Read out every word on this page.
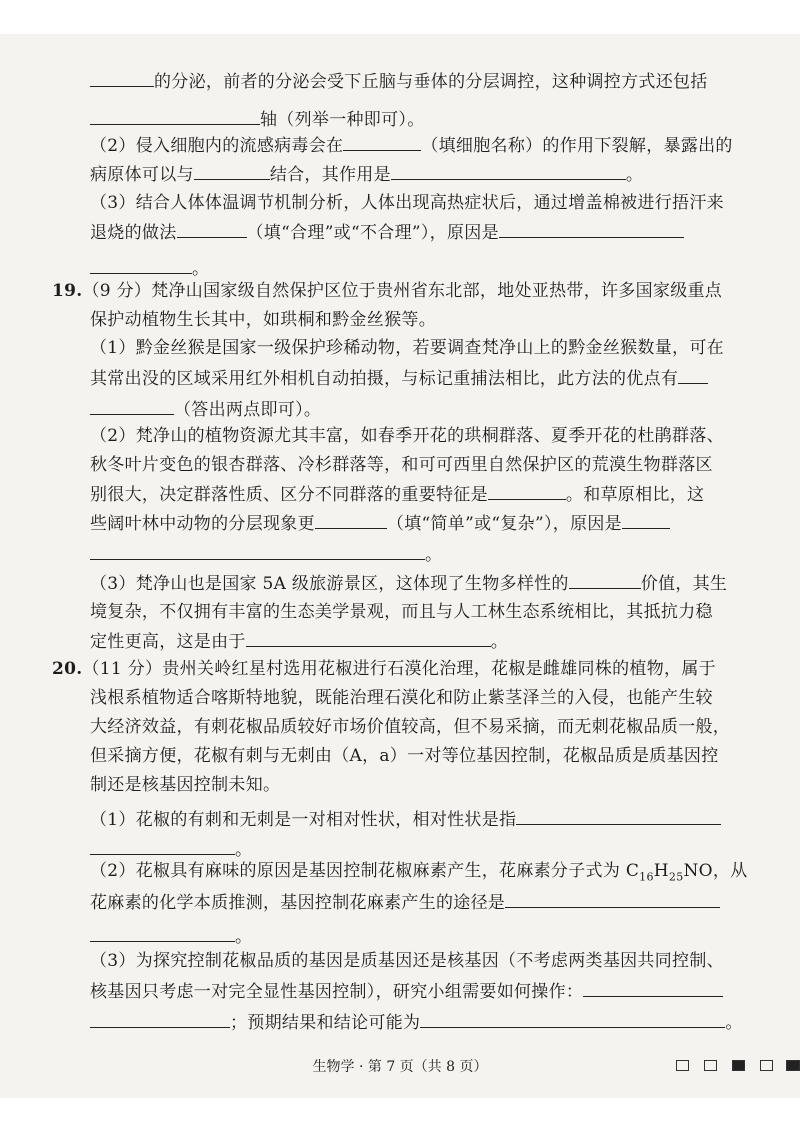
的分泌，前者的分泌会受下丘脑与垂体的分层调控，这种调控方式还包括
轴（列举一种即可）。
（2）侵入细胞内的流感病毒会在	（填细胞名称）的作用下裂解，暴露出的
病原体可以与	结合，其作用是	。
（3）结合人体体温调节机制分析，人体出现高热症状后，通过增盖棉被进行捂汗来
退烧的做法	（填“合理”或“不合理”），原因是
。
19.（9 分）梵净山国家级自然保护区位于贵州省东北部，地处亚热带，许多国家级重点
保护动植物生长其中，如珙桐和黔金丝猴等。
（1）黔金丝猴是国家一级保护珍稀动物，若要调查梵净山上的黔金丝猴数量，可在
其常出没的区域采用红外相机自动拍摄，与标记重捕法相比，此方法的优点有
（答出两点即可）。
（2）梵净山的植物资源尤其丰富，如春季开花的珙桐群落、夏季开花的杜鹃群落、
秋冬叶片变色的银杏群落、冷杉群落等，和可可西里自然保护区的荒漠生物群落区
别很大，决定群落性质、区分不同群落的重要特征是	。和草原相比，这
些阔叶林中动物的分层现象更	（填“简单”或“复杂”），原因是
。
（3）梵净山也是国家 5A 级旅游景区，这体现了生物多样性的	价值，其生
境复杂，不仅拥有丰富的生态美学景观，而且与人工林生态系统相比，其抵抗力稳
定性更高，这是由于	。
20.（11 分）贵州关岭红星村选用花椒进行石漠化治理，花椒是雌雄同株的植物，属于
浅根系植物适合喀斯特地貌，既能治理石漠化和防止紫茎泽兰的入侵，也能产生较
大经济效益，有刺花椒品质较好市场价值较高，但不易采摘，而无刺花椒品质一般，
但采摘方便，花椒有刺与无刺由（A，a）一对等位基因控制，花椒品质是质基因控
制还是核基因控制未知。
（1）花椒的有刺和无刺是一对相对性状，相对性状是指
。
（2）花椒具有麻味的原因是基因控制花椒麻素产生，花麻素分子式为 $C_{16}H_{25}NO$，从
花麻素的化学本质推测，基因控制花麻素产生的途径是
。
（3）为探究控制花椒品质的基因是质基因还是核基因（不考虑两类基因共同控制、
核基因只考虑一对完全显性基因控制），研究小组需要如何操作：
；预期结果和结论可能为	。
生物学 · 第 7 页（共 8 页）
